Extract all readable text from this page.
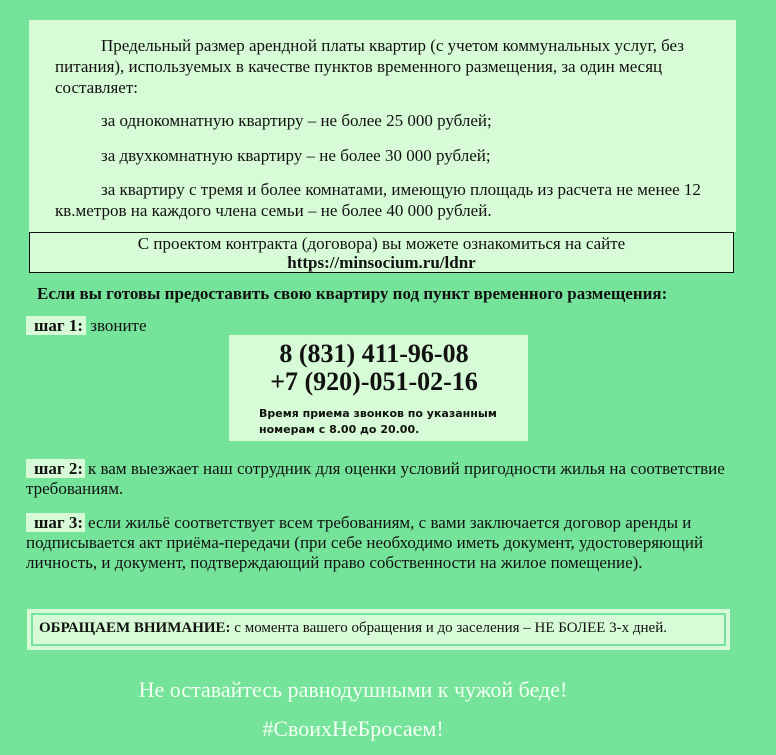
Предельный размер арендной платы квартир (с учетом коммунальных услуг, без питания), используемых в качестве пунктов временного размещения, за один месяц составляет:

за однокомнатную квартиру – не более 25 000 рублей;

за двухкомнатную квартиру – не более 30 000 рублей;

за квартиру с тремя и более комнатами, имеющую площадь из расчета не менее 12 кв.метров на каждого члена семьи – не более 40 000 рублей.

С проектом контракта (договора) вы можете ознакомиться на сайте
https://minsocium.ru/ldnr
Если вы готовы предоставить свою квартиру под пункт временного размещения:

шаг 1: звоните

8 (831) 411-96-08
+7 (920)-051-02-16
Время приема звонков по указанным номерам с 8.00 до 20.00.

шаг 2: к вам выезжает наш сотрудник для оценки условий пригодности жилья на соответствие требованиям.

шаг 3: если жильё соответствует всем требованиям, с вами заключается договор аренды и подписывается акт приёма-передачи (при себе необходимо иметь документ, удостоверяющий личность, и документ, подтверждающий право собственности на жилое помещение).

ОБРАЩАЕМ ВНИМАНИЕ: с момента вашего обращения и до заселения – НЕ БОЛЕЕ 3-х дней.
Не оставайтесь равнодушными к чужой беде!
#СвоихНеБросаем!
